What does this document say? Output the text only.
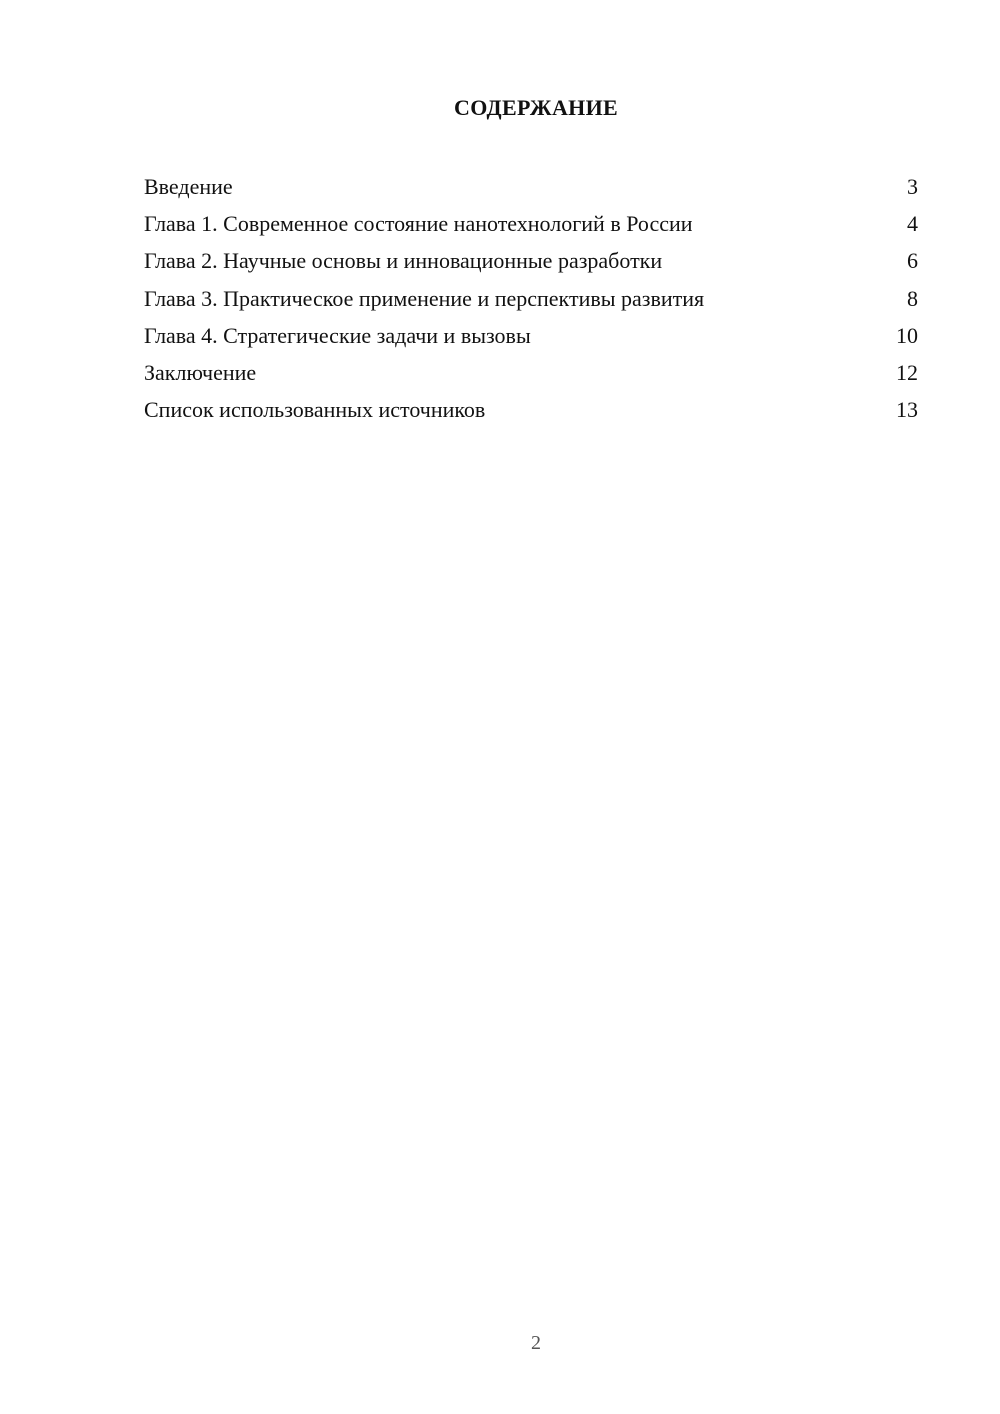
СОДЕРЖАНИЕ
Введение	3
Глава 1. Современное состояние нанотехнологий в России	4
Глава 2. Научные основы и инновационные разработки	6
Глава 3. Практическое применение и перспективы развития	8
Глава 4. Стратегические задачи и вызовы	10
Заключение	12
Список использованных источников	13
2
